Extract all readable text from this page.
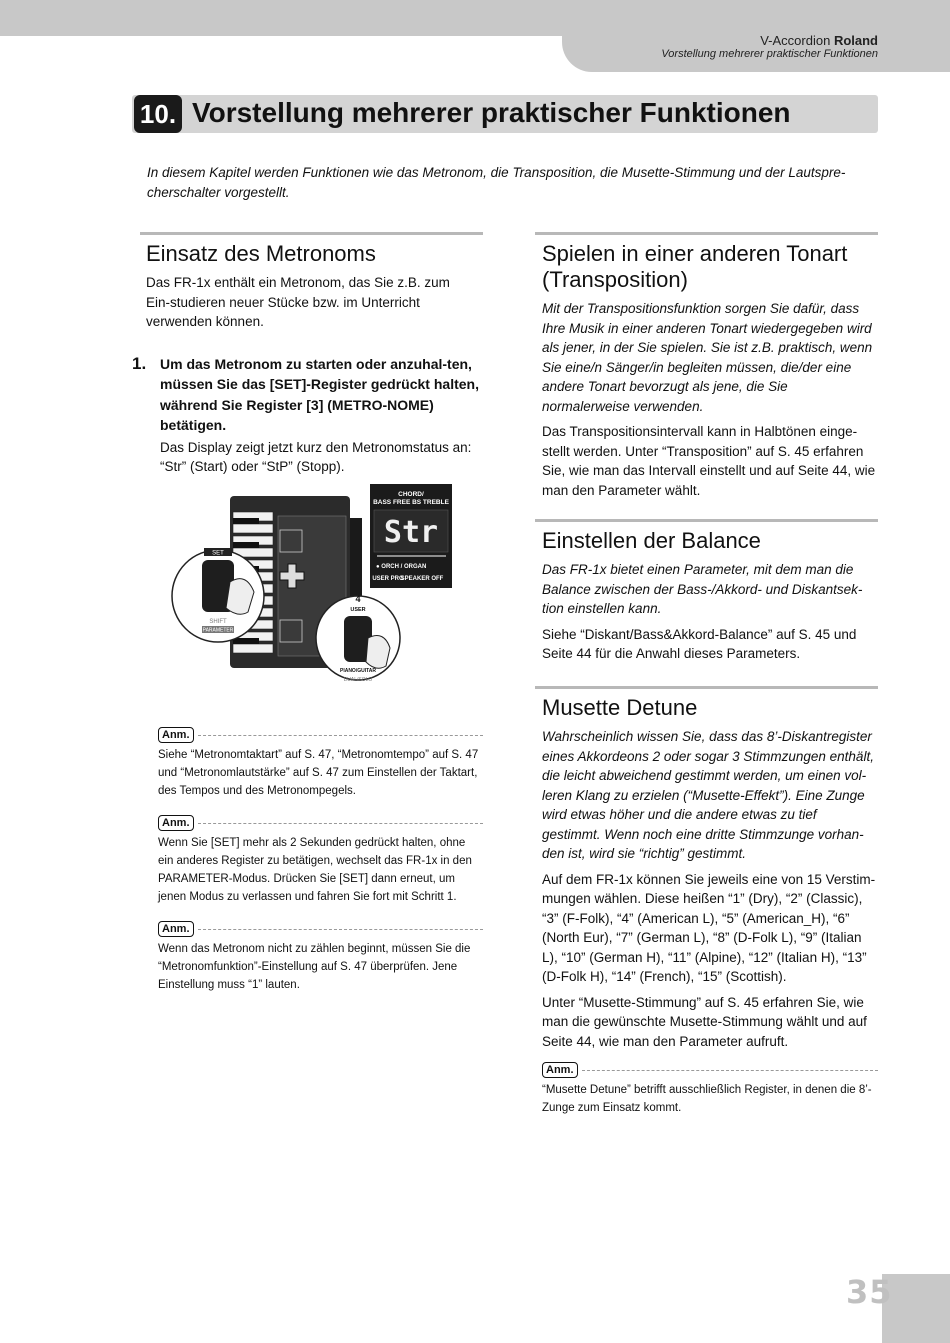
V-Accordion Roland
Vorstellung mehrerer praktischer Funktionen
10. Vorstellung mehrerer praktischer Funktionen
In diesem Kapitel werden Funktionen wie das Metronom, die Transposition, die Musette-Stimmung und der Lautspre-cherschalter vorgestellt.
Einsatz des Metronoms

Das FR-1x enthält ein Metronom, das Sie z.B. zum Ein-studieren neuer Stücke bzw. im Unterricht verwenden können.

1. Um das Metronom zu starten oder anzuhal-ten, müssen Sie das [SET]-Register gedrückt halten, während Sie Register [3] (METRO-NOME) betätigen.

Das Display zeigt jetzt kurz den Metronomstatus an: “Str” (Start) oder “StP” (Stopp).

SET
SHIFT
PARAMETER
CHORD/
BASS FREE BS TREBLE
Str
● ORCH / ORGAN
USER PRG
SPEAKER OFF
4
USER
PIANO/GUITAR
DUAL/SOLO
Anm.

Siehe “Metronomtaktart” auf S. 47, “Metronomtempo” auf S. 47 und “Metronomlautstärke” auf S. 47 zum Einstellen der Taktart, des Tempos und des Metronompegels.

Anm.

Wenn Sie [SET] mehr als 2 Sekunden gedrückt halten, ohne ein anderes Register zu betätigen, wechselt das FR-1x in den PARAMETER-Modus. Drücken Sie [SET] dann erneut, um jenen Modus zu verlassen und fahren Sie fort mit Schritt 1.

Anm.

Wenn das Metronom nicht zu zählen beginnt, müssen Sie die “Metronomfunktion”-Einstellung auf S. 47 überprüfen. Jene Einstellung muss “1” lauten.

Spielen in einer anderen Tonart (Transposition)

Mit der Transpositionsfunktion sorgen Sie dafür, dass Ihre Musik in einer anderen Tonart wiedergegeben wird als jener, in der Sie spielen. Sie ist z.B. praktisch, wenn Sie eine/n Sänger/in begleiten müssen, die/der eine andere Tonart bevorzugt als jene, die Sie normalerweise verwenden.

Das Transpositionsintervall kann in Halbtönen einge-stellt werden. Unter “Transposition” auf S. 45 erfahren Sie, wie man das Intervall einstellt und auf Seite 44, wie man den Parameter wählt.

Einstellen der Balance

Das FR-1x bietet einen Parameter, mit dem man die Balance zwischen der Bass-/Akkord- und Diskantsek-tion einstellen kann.

Siehe “Diskant/Bass&Akkord-Balance” auf S. 45 und Seite 44 für die Anwahl dieses Parameters.

Musette Detune

Wahrscheinlich wissen Sie, dass das 8’-Diskantregister eines Akkordeons 2 oder sogar 3 Stimmzungen enthält, die leicht abweichend gestimmt werden, um einen vol-leren Klang zu erzielen (“Musette-Effekt”). Eine Zunge wird etwas höher und die andere etwas zu tief gestimmt. Wenn noch eine dritte Stimmzunge vorhan-den ist, wird sie “richtig” gestimmt.

Auf dem FR-1x können Sie jeweils eine von 15 Verstim-mungen wählen. Diese heißen “1” (Dry), “2” (Classic), “3” (F-Folk), “4” (American L), “5” (American_H), “6” (North Eur), “7” (German L), “8” (D-Folk L), “9” (Italian L), “10” (German H), “11” (Alpine), “12” (Italian H), “13” (D-Folk H), “14” (French), “15” (Scottish).

Unter “Musette-Stimmung” auf S. 45 erfahren Sie, wie man die gewünschte Musette-Stimmung wählt und auf Seite 44, wie man den Parameter aufruft.

Anm.

“Musette Detune” betrifft ausschließlich Register, in denen die 8’-Zunge zum Einsatz kommt.

35
